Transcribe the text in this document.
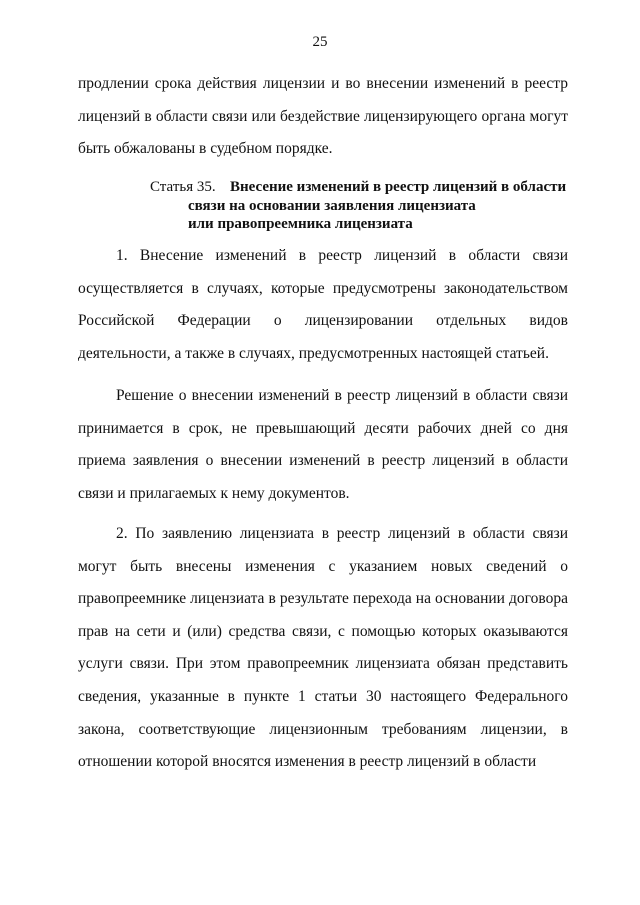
25

продлении срока действия лицензии и во внесении изменений в реестр лицензий в области связи или бездействие лицензирующего органа могут быть обжалованы в судебном порядке.

Статья 35. Внесение изменений в реестр лицензий в области
связи на основании заявления лицензиата
или правопреемника лицензиата

1. Внесение изменений в реестр лицензий в области связи осуществляется в случаях, которые предусмотрены законодательством Российской Федерации о лицензировании отдельных видов деятельности, а также в случаях, предусмотренных настоящей статьей.

Решение о внесении изменений в реестр лицензий в области связи принимается в срок, не превышающий десяти рабочих дней со дня приема заявления о внесении изменений в реестр лицензий в области связи и прилагаемых к нему документов.

2. По заявлению лицензиата в реестр лицензий в области связи могут быть внесены изменения с указанием новых сведений о правопреемнике лицензиата в результате перехода на основании договора прав на сети и (или) средства связи, с помощью которых оказываются услуги связи. При этом правопреемник лицензиата обязан представить сведения, указанные в пункте 1 статьи 30 настоящего Федерального закона, соответствующие лицензионным требованиям лицензии, в отношении которой вносятся изменения в реестр лицензий в области
